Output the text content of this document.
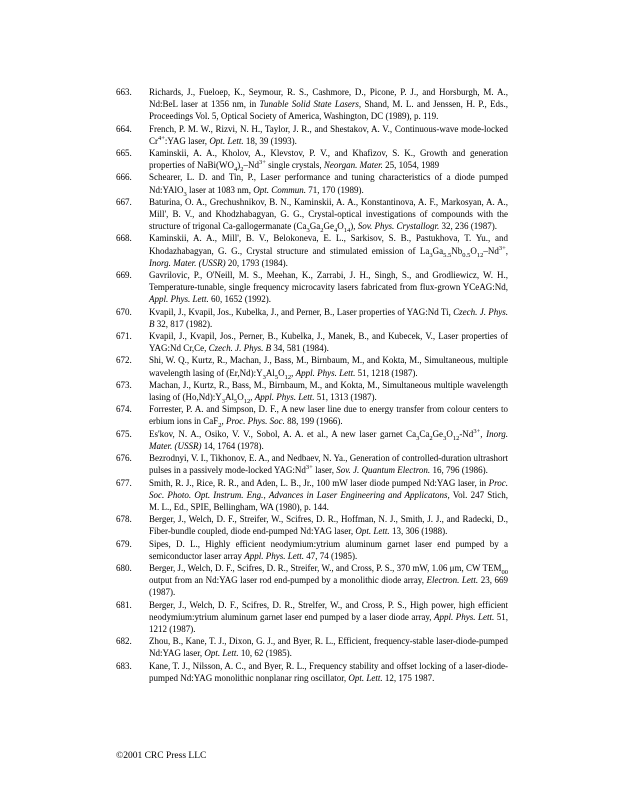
663.	Richards, J., Fueloep, K., Seymour, R. S., Cashmore, D., Picone, P. J., and Horsburgh, M. A., Nd:BeL laser at 1356 nm, in Tunable Solid State Lasers, Shand, M. L. and Jenssen, H. P., Eds., Proceedings Vol. 5, Optical Society of America, Washington, DC (1989), p. 119.
664.	French, P. M. W., Rizvi, N. H., Taylor, J. R., and Shestakov, A. V., Continuous-wave mode-locked $Cr^{4+}:YAG$ laser, Opt. Lett. 18, 39 (1993).
665.	Kaminskii, A. A., Kholov, A., Klevstov, P. V., and Khafizov, S. K., Growth and generation properties of $NaBi(WO_4)_2-Nd^{3+}$ single crystals, Neorgan. Mater. 25, 1054, 1989
666.	Schearer, L. D. and Tin, P., Laser performance and tuning characteristics of a diode pumped Nd:YAlO$_3$ laser at 1083 nm, Opt. Commun. 71, 170 (1989).
667.	Baturina, O. A., Grechushnikov, B. N., Kaminskii, A. A., Konstantinova, A. F., Markosyan, A. A., Mill', B. V., and Khodzhabagyan, G. G., Crystal-optical investigations of compounds with the structure of trigonal Ca-gallogermanate $(Ca_3Ga_2Ge_4O_{14})$, Sov. Phys. Crystallogr. 32, 236 (1987).
668.	Kaminskii, A. A., Mill', B. V., Belokoneva, E. L., Sarkisov, S. B., Pastukhova, T. Yu., and Khodazhabagyan, G. G., Crystal structure and stimulated emission of $La_3Ga_{5.5}Nb_{0.5}O_{12}-Nd^{3+}$, Inorg. Mater. (USSR) 20, 1793 (1984).
669.	Gavrilovic, P., O'Neill, M. S., Meehan, K., Zarrabi, J. H., Singh, S., and Grodliewicz, W. H., Temperature-tunable, single frequency microcavity lasers fabricated from flux-grown YCeAG:Nd, Appl. Phys. Lett. 60, 1652 (1992).
670.	Kvapil, J., Kvapil, Jos., Kubelka, J., and Perner, B., Laser properties of YAG:Nd Ti, Czech. J. Phys. B 32, 817 (1982).
671.	Kvapil, J., Kvapil, Jos., Perner, B., Kubelka, J., Manek, B., and Kubecek, V., Laser properties of YAG:Nd Cr,Ce, Czech. J. Phys. B 34, 581 (1984).
672.	Shi, W. Q., Kurtz, R., Machan, J., Bass, M., Birnbaum, M., and Kokta, M., Simultaneous, multiple wavelength lasing of $(Er,Nd):Y_3Al_5O_{12}$, Appl. Phys. Lett. 51, 1218 (1987).
673.	Machan, J., Kurtz, R., Bass, M., Birnbaum, M., and Kokta, M., Simultaneous multiple wavelength lasing of $(Ho,Nd):Y_3Al_5O_{12}$, Appl. Phys. Lett. 51, 1313 (1987).
674.	Forrester, P. A. and Simpson, D. F., A new laser line due to energy transfer from colour centers to erbium ions in CaF$_2$, Proc. Phys. Soc. 88, 199 (1966).
675.	Es'kov, N. A., Osiko, V. V., Sobol, A. A. et al., A new laser garnet $Ca_3Ca_2Ge_3O_{12}-Nd^{3+}$, Inorg. Mater. (USSR) 14, 1764 (1978).
676.	Bezrodnyi, V. I., Tikhonov, E. A., and Nedbaev, N. Ya., Generation of controlled-duration ultrashort pulses in a passively mode-locked $YAG:Nd^{3+}$ laser, Sov. J. Quantum Electron. 16, 796 (1986).
677.	Smith, R. J., Rice, R. R., and Aden, L. B., Jr., 100 mW laser diode pumped Nd:YAG laser, in Proc. Soc. Photo. Opt. Instrum. Eng., Advances in Laser Engineering and Applicatons, Vol. 247 Stich, M. L., Ed., SPIE, Bellingham, WA (1980), p. 144.
678.	Berger, J., Welch, D. F., Streifer, W., Scifres, D. R., Hoffman, N. J., Smith, J. J., and Radecki, D., Fiber-bundle coupled, diode end-pumped Nd:YAG laser, Opt. Lett. 13, 306 (1988).
679.	Sipes, D. L., Highly efficient neodymium:ytrium aluminum garnet laser end pumped by a semiconductor laser array Appl. Phys. Lett. 47, 74 (1985).
680.	Berger, J., Welch, D. F., Scifres, D. R., Streifer, W., and Cross, P. S., 370 mW, 1.06 μm, CW $TEM_{00}$ output from an Nd:YAG laser rod end-pumped by a monolithic diode array, Electron. Lett. 23, 669 (1987).
681.	Berger, J., Welch, D. F., Scifres, D. R., Strelfer, W., and Cross, P. S., High power, high efficient neodymium:ytrium aluminum garnet laser end pumped by a laser diode array, Appl. Phys. Lett. 51, 1212 (1987).
682.	Zhou, B., Kane, T. J., Dixon, G. J., and Byer, R. L., Efficient, frequency-stable laser-diode-pumped Nd:YAG laser, Opt. Lett. 10, 62 (1985).
683.	Kane, T. J., Nilsson, A. C., and Byer, R. L., Frequency stability and offset locking of a laser-diode-pumped Nd:YAG monolithic nonplanar ring oscillator, Opt. Lett. 12, 175 1987.
©2001 CRC Press LLC
